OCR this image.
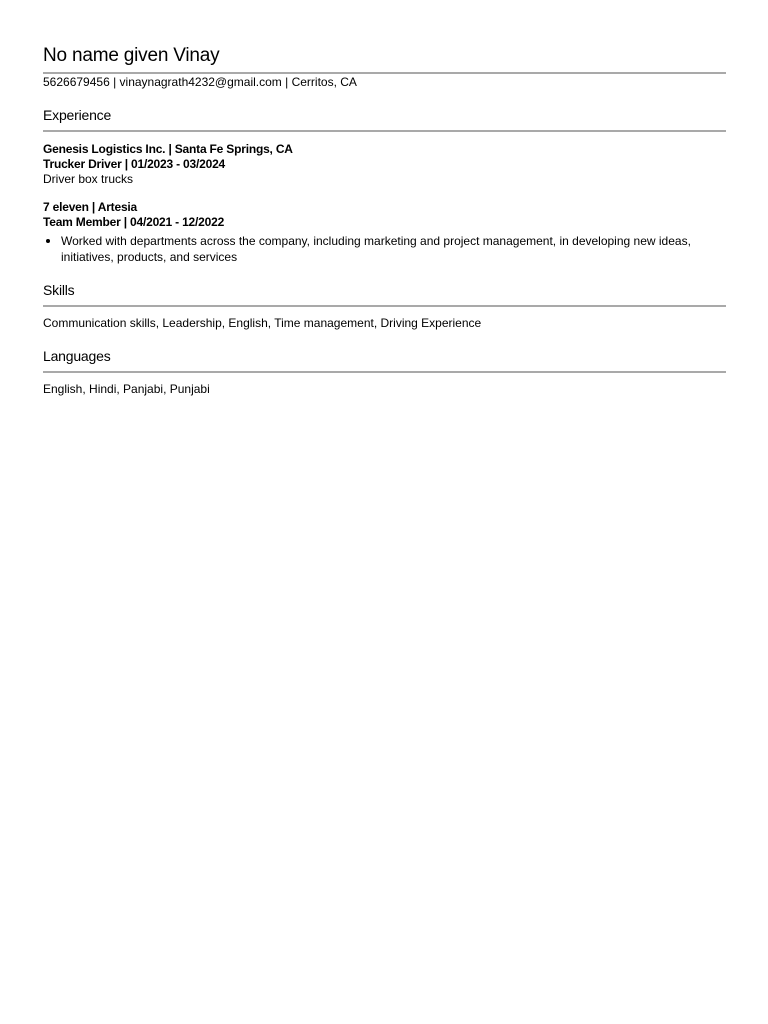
No name given Vinay
5626679456 | vinaynagrath4232@gmail.com | Cerritos, CA
Experience
Genesis Logistics Inc. | Santa Fe Springs, CA
Trucker Driver | 01/2023 - 03/2024
Driver box trucks
7 eleven | Artesia
Team Member | 04/2021 - 12/2022
Worked with departments across the company, including marketing and project management, in developing new ideas, initiatives, products, and services
Skills
Communication skills, Leadership, English, Time management, Driving Experience
Languages
English, Hindi, Panjabi, Punjabi
